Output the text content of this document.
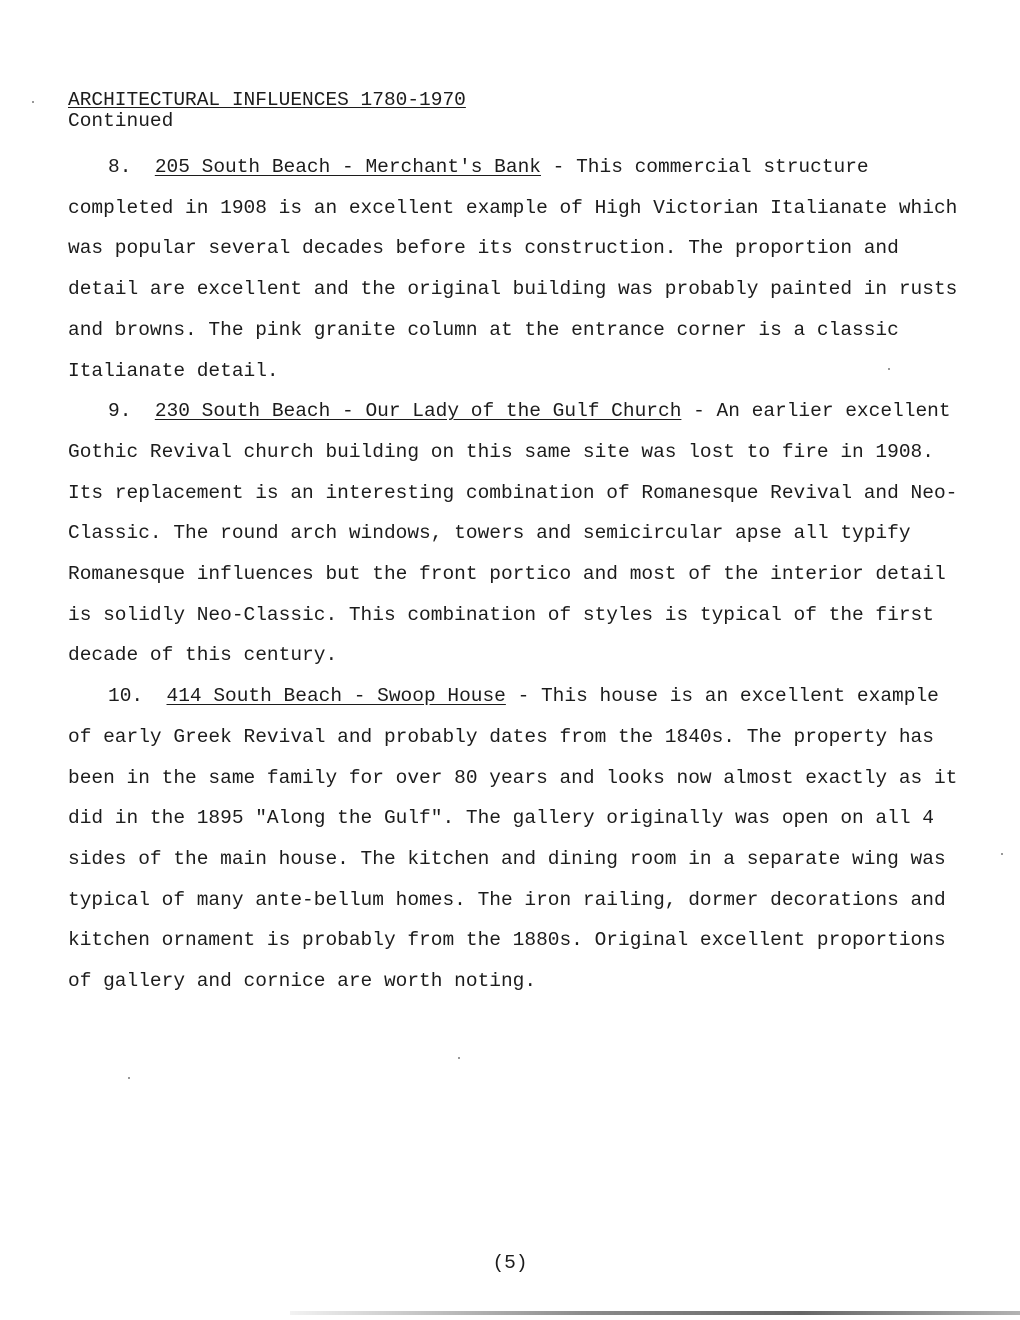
ARCHITECTURAL INFLUENCES 1780-1970
Continued

8. 205 South Beach - Merchant's Bank - This commercial structure completed in 1908 is an excellent example of High Victorian Italianate which was popular several decades before its construction. The proportion and detail are excellent and the original building was probably painted in rusts and browns. The pink granite column at the entrance corner is a classic Italianate detail.

9. 230 South Beach - Our Lady of the Gulf Church - An earlier excellent Gothic Revival church building on this same site was lost to fire in 1908. Its replacement is an interesting combination of Romanesque Revival and Neo-Classic. The round arch windows, towers and semicircular apse all typify Romanesque influences but the front portico and most of the interior detail is solidly Neo-Classic. This combination of styles is typical of the first decade of this century.

10. 414 South Beach - Swoop House - This house is an excellent example of early Greek Revival and probably dates from the 1840s. The property has been in the same family for over 80 years and looks now almost exactly as it did in the 1895 "Along the Gulf". The gallery originally was open on all 4 sides of the main house. The kitchen and dining room in a separate wing was typical of many ante-bellum homes. The iron railing, dormer decorations and kitchen ornament is probably from the 1880s. Original excellent proportions of gallery and cornice are worth noting.

(5)
